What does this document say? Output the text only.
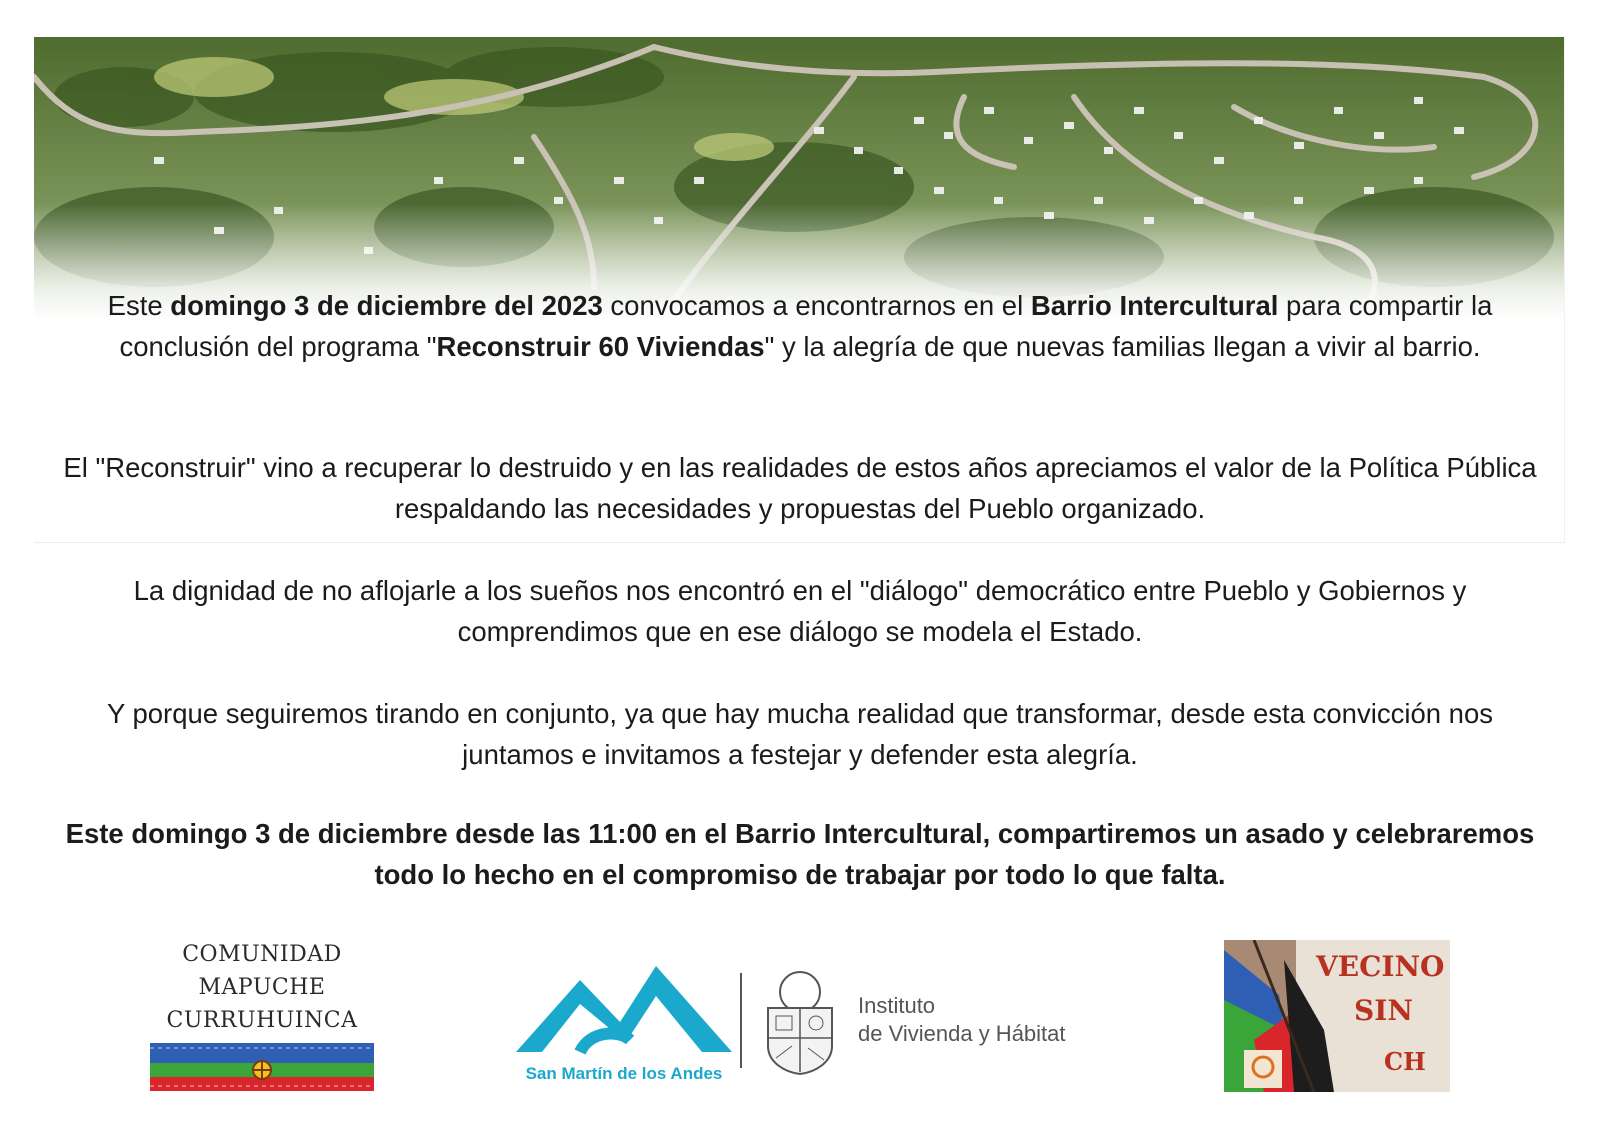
Este domingo 3 de diciembre del 2023 convocamos a encontrarnos en el Barrio Intercultural para compartir la conclusión del programa "Reconstruir 60 Viviendas" y la alegría de que nuevas familias llegan a vivir al barrio.

El "Reconstruir" vino a recuperar lo destruido y en las realidades de estos años apreciamos el valor de la Política Pública respaldando las necesidades y propuestas del Pueblo organizado.

La dignidad de no aflojarle a los sueños nos encontró en el "diálogo" democrático entre Pueblo y Gobiernos y comprendimos que en ese diálogo se modela el Estado.

Y porque seguiremos tirando en conjunto, ya que hay mucha realidad que transformar, desde esta convicción nos juntamos e invitamos a festejar y defender esta alegría.

Este domingo 3 de diciembre desde las 11:00 en el Barrio Intercultural, compartiremos un asado y celebraremos todo lo hecho en el compromiso de trabajar por todo lo que falta.

COMUNIDAD
MAPUCHE
CURRUHUINCA
San Martín de los Andes
Instituto
de Vivienda y Hábitat
VECINO
SIN
CH
